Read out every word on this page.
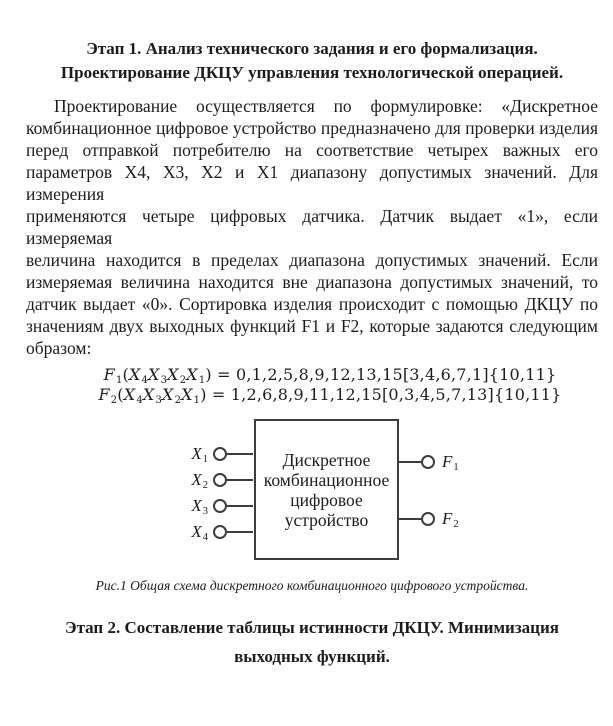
Этап 1. Анализ технического задания и его формализация.
Проектирование ДКЦУ управления технологической операцией.
Проектирование осуществляется по формулировке: «Дискретное
комбинационное цифровое устройство предназначено для проверки изделия
перед отправкой потребителю на соответствие четырех важных его
параметров X4, X3, X2 и X1 диапазону допустимых значений. Для измерения
применяются четыре цифровых датчика. Датчик выдает «1», если измеряемая
величина находится в пределах диапазона допустимых значений. Если
измеряемая величина находится вне диапазона допустимых значений, то
датчик выдает «0». Сортировка изделия происходит с помощью ДКЦУ по
значениям двух выходных функций F1 и F2, которые задаются следующим
образом:
$F_1(X_4X_3X_2X_1) = 0,1,2,5,8,9,12,13,15[3,4,6,7,1]\{10,11\}$
$F_2(X_4X_3X_2X_1) = 1,2,6,8,9,11,12,15[0,3,4,5,7,13]\{10,11\}$
Дискретное
комбинационное
цифровое
устройство
$X_1$
$X_2$
$X_3$
$X_4$
$F_1$
$F_2$
Рис.1 Общая схема дискретного комбинационного цифрового устройства.
Этап 2. Составление таблицы истинности ДКЦУ. Минимизация
выходных функций.
